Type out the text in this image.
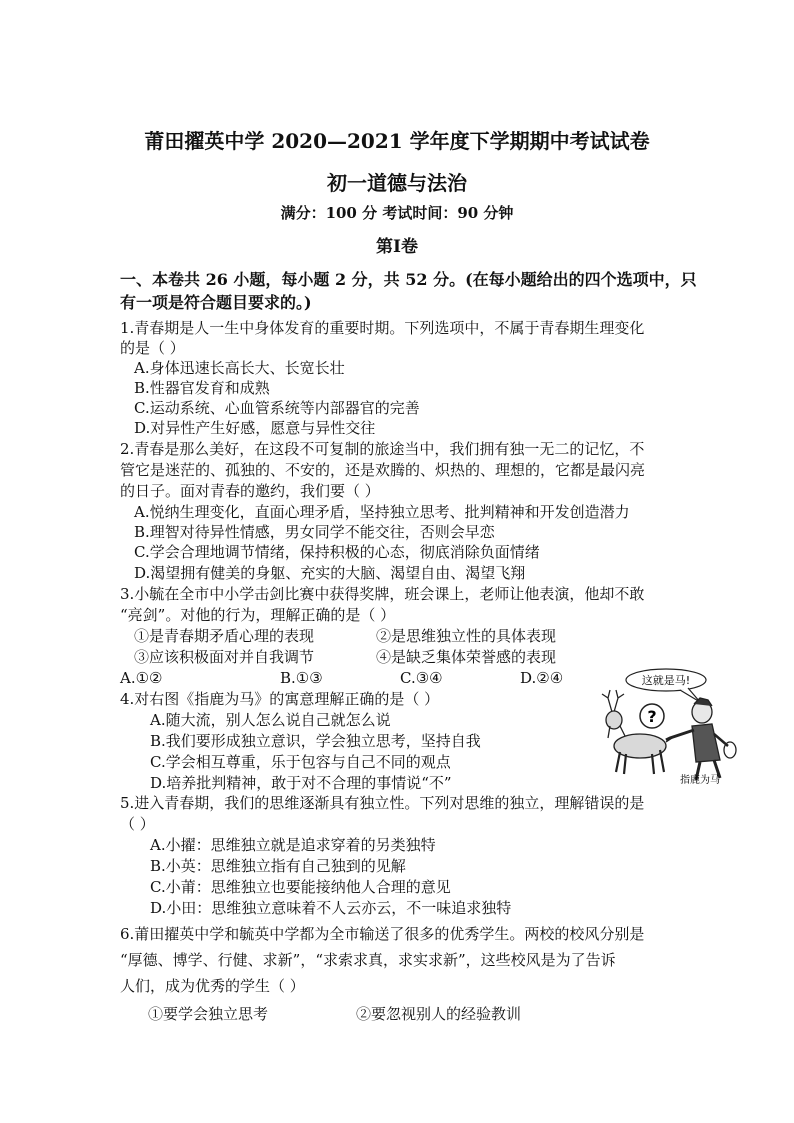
莆田擢英中学 2020—2021 学年度下学期期中考试试卷
初一道德与法治
满分：100 分 考试时间：90 分钟
第Ⅰ卷
一、本卷共 26 小题，每小题 2 分，共 52 分。(在每小题给出的四个选项中，只
有一项是符合题目要求的。)
1.青春期是人一生中身体发育的重要时期。下列选项中，不属于青春期生理变化
的是（ ）
A.身体迅速长高长大、长宽长壮
B.性器官发育和成熟
C.运动系统、心血管系统等内部器官的完善
D.对异性产生好感，愿意与异性交往
2.青春是那么美好，在这段不可复制的旅途当中，我们拥有独一无二的记忆，不
管它是迷茫的、孤独的、不安的，还是欢腾的、炽热的、理想的，它都是最闪亮
的日子。面对青春的邀约，我们要（ ）
A.悦纳生理变化，直面心理矛盾，坚持独立思考、批判精神和开发创造潜力
B.理智对待异性情感，男女同学不能交往，否则会早恋
C.学会合理地调节情绪，保持积极的心态，彻底消除负面情绪
D.渴望拥有健美的身躯、充实的大脑、渴望自由、渴望飞翔
3.小毓在全市中小学击剑比赛中获得奖牌，班会课上，老师让他表演，他却不敢
“亮剑”。对他的行为，理解正确的是（ ）
①是青春期矛盾心理的表现	②是思维独立性的具体表现
③应该积极面对并自我调节	④是缺乏集体荣誉感的表现
A.①②	B.①③	C.③④	D.②④
4.对右图《指鹿为马》的寓意理解正确的是（ ）
A.随大流，别人怎么说自己就怎么说
B.我们要形成独立意识，学会独立思考，坚持自我
C.学会相互尊重，乐于包容与自己不同的观点
D.培养批判精神，敢于对不合理的事情说“不”
这就是马!
?
指鹿为马
5.进入青春期，我们的思维逐渐具有独立性。下列对思维的独立，理解错误的是
（ ）
A.小擢：思维独立就是追求穿着的另类独特
B.小英：思维独立指有自己独到的见解
C.小莆：思维独立也要能接纳他人合理的意见
D.小田：思维独立意味着不人云亦云，不一味追求独特
6.莆田擢英中学和毓英中学都为全市输送了很多的优秀学生。两校的校风分别是
“厚德、博学、行健、求新”，“求索求真，求实求新”，这些校风是为了告诉
人们，成为优秀的学生（ ）
①要学会独立思考	②要忽视别人的经验教训
